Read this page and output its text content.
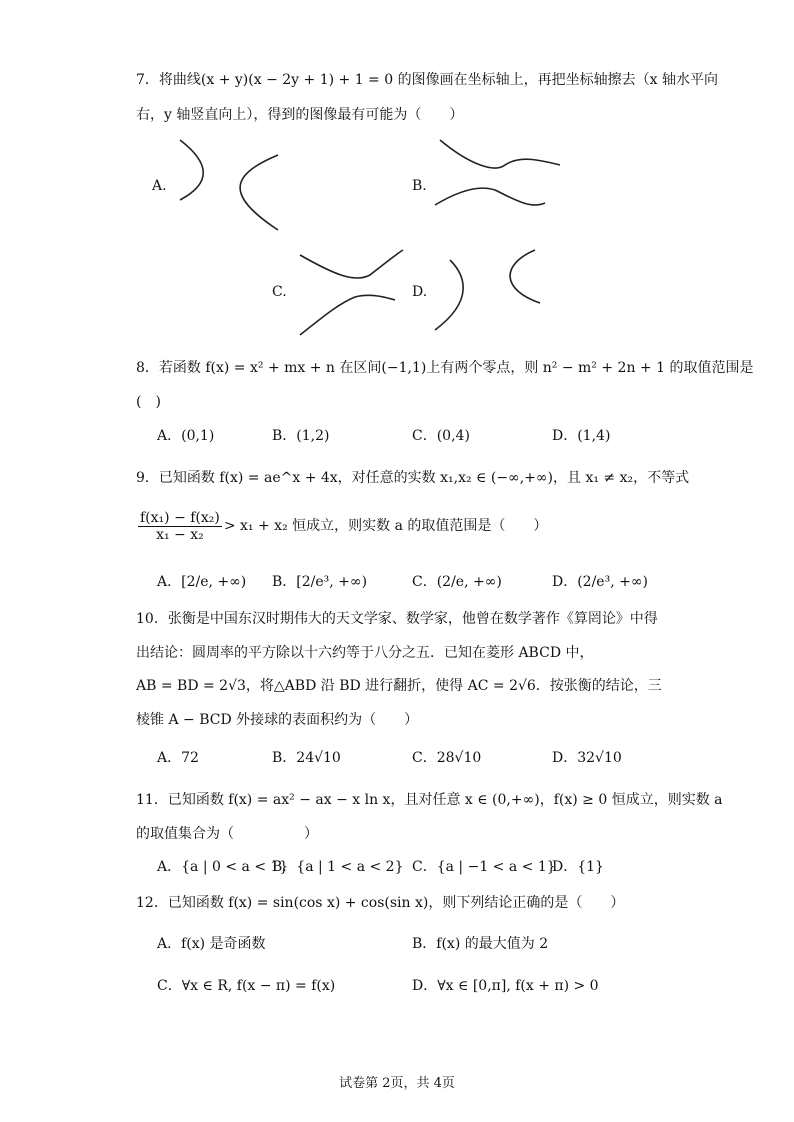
7．将曲线(x + y)(x − 2y + 1) + 1 = 0 的图像画在坐标轴上，再把坐标轴擦去（x 轴水平向
右，y 轴竖直向上），得到的图像最有可能为（　　）
A.	B.
C.	D.
8．若函数 f(x) = x² + mx + n 在区间(−1,1)上有两个零点，则 n² − m² + 2n + 1 的取值范围是
(　)
A．(0,1)	B．(1,2)	C．(0,4)	D．(1,4)
9．已知函数 f(x) = ae^x + 4x，对任意的实数 x₁,x₂ ∈ (−∞,+∞)，且 x₁ ≠ x₂，不等式
$\frac{\text{f(x₁) − f(x₂)}}{\text{x₁ − x₂}} > x_1 + x_2$ 恒成立，则实数 a 的取值范围是（　　）
A．[2/e, +∞) B．[2/e³, +∞)	C．(2/e, +∞)	D．(2/e³, +∞)
10．张衡是中国东汉时期伟大的天文学家、数学家，他曾在数学著作《算罔论》中得
出结论：圆周率的平方除以十六约等于八分之五．已知在菱形 ABCD 中，
AB = BD = 2√3，将△ABD 沿 BD 进行翻折，使得 AC = 2√6．按张衡的结论，三
棱锥 A − BCD 外接球的表面积约为（　　）
A．72	B．24√10	C．28√10	D．32√10
11．已知函数 f(x) = ax² − ax − x ln x，且对任意 x ∈ (0,+∞)，f(x) ≥ 0 恒成立，则实数 a
的取值集合为（　　　　　）
A．{a | 0 < a < 1}
B．{a | 1 < a < 2} C．{a | −1 < a < 1}
D．{1}
12．已知函数 f(x) = sin(cos x) + cos(sin x)，则下列结论正确的是（　　）
A．f(x) 是奇函数	B．f(x) 的最大值为 2
C．∀x ∈ R, f(x − π) = f(x)	D．∀x ∈ [0,π], f(x + π) > 0
试卷第 2页，共 4页
